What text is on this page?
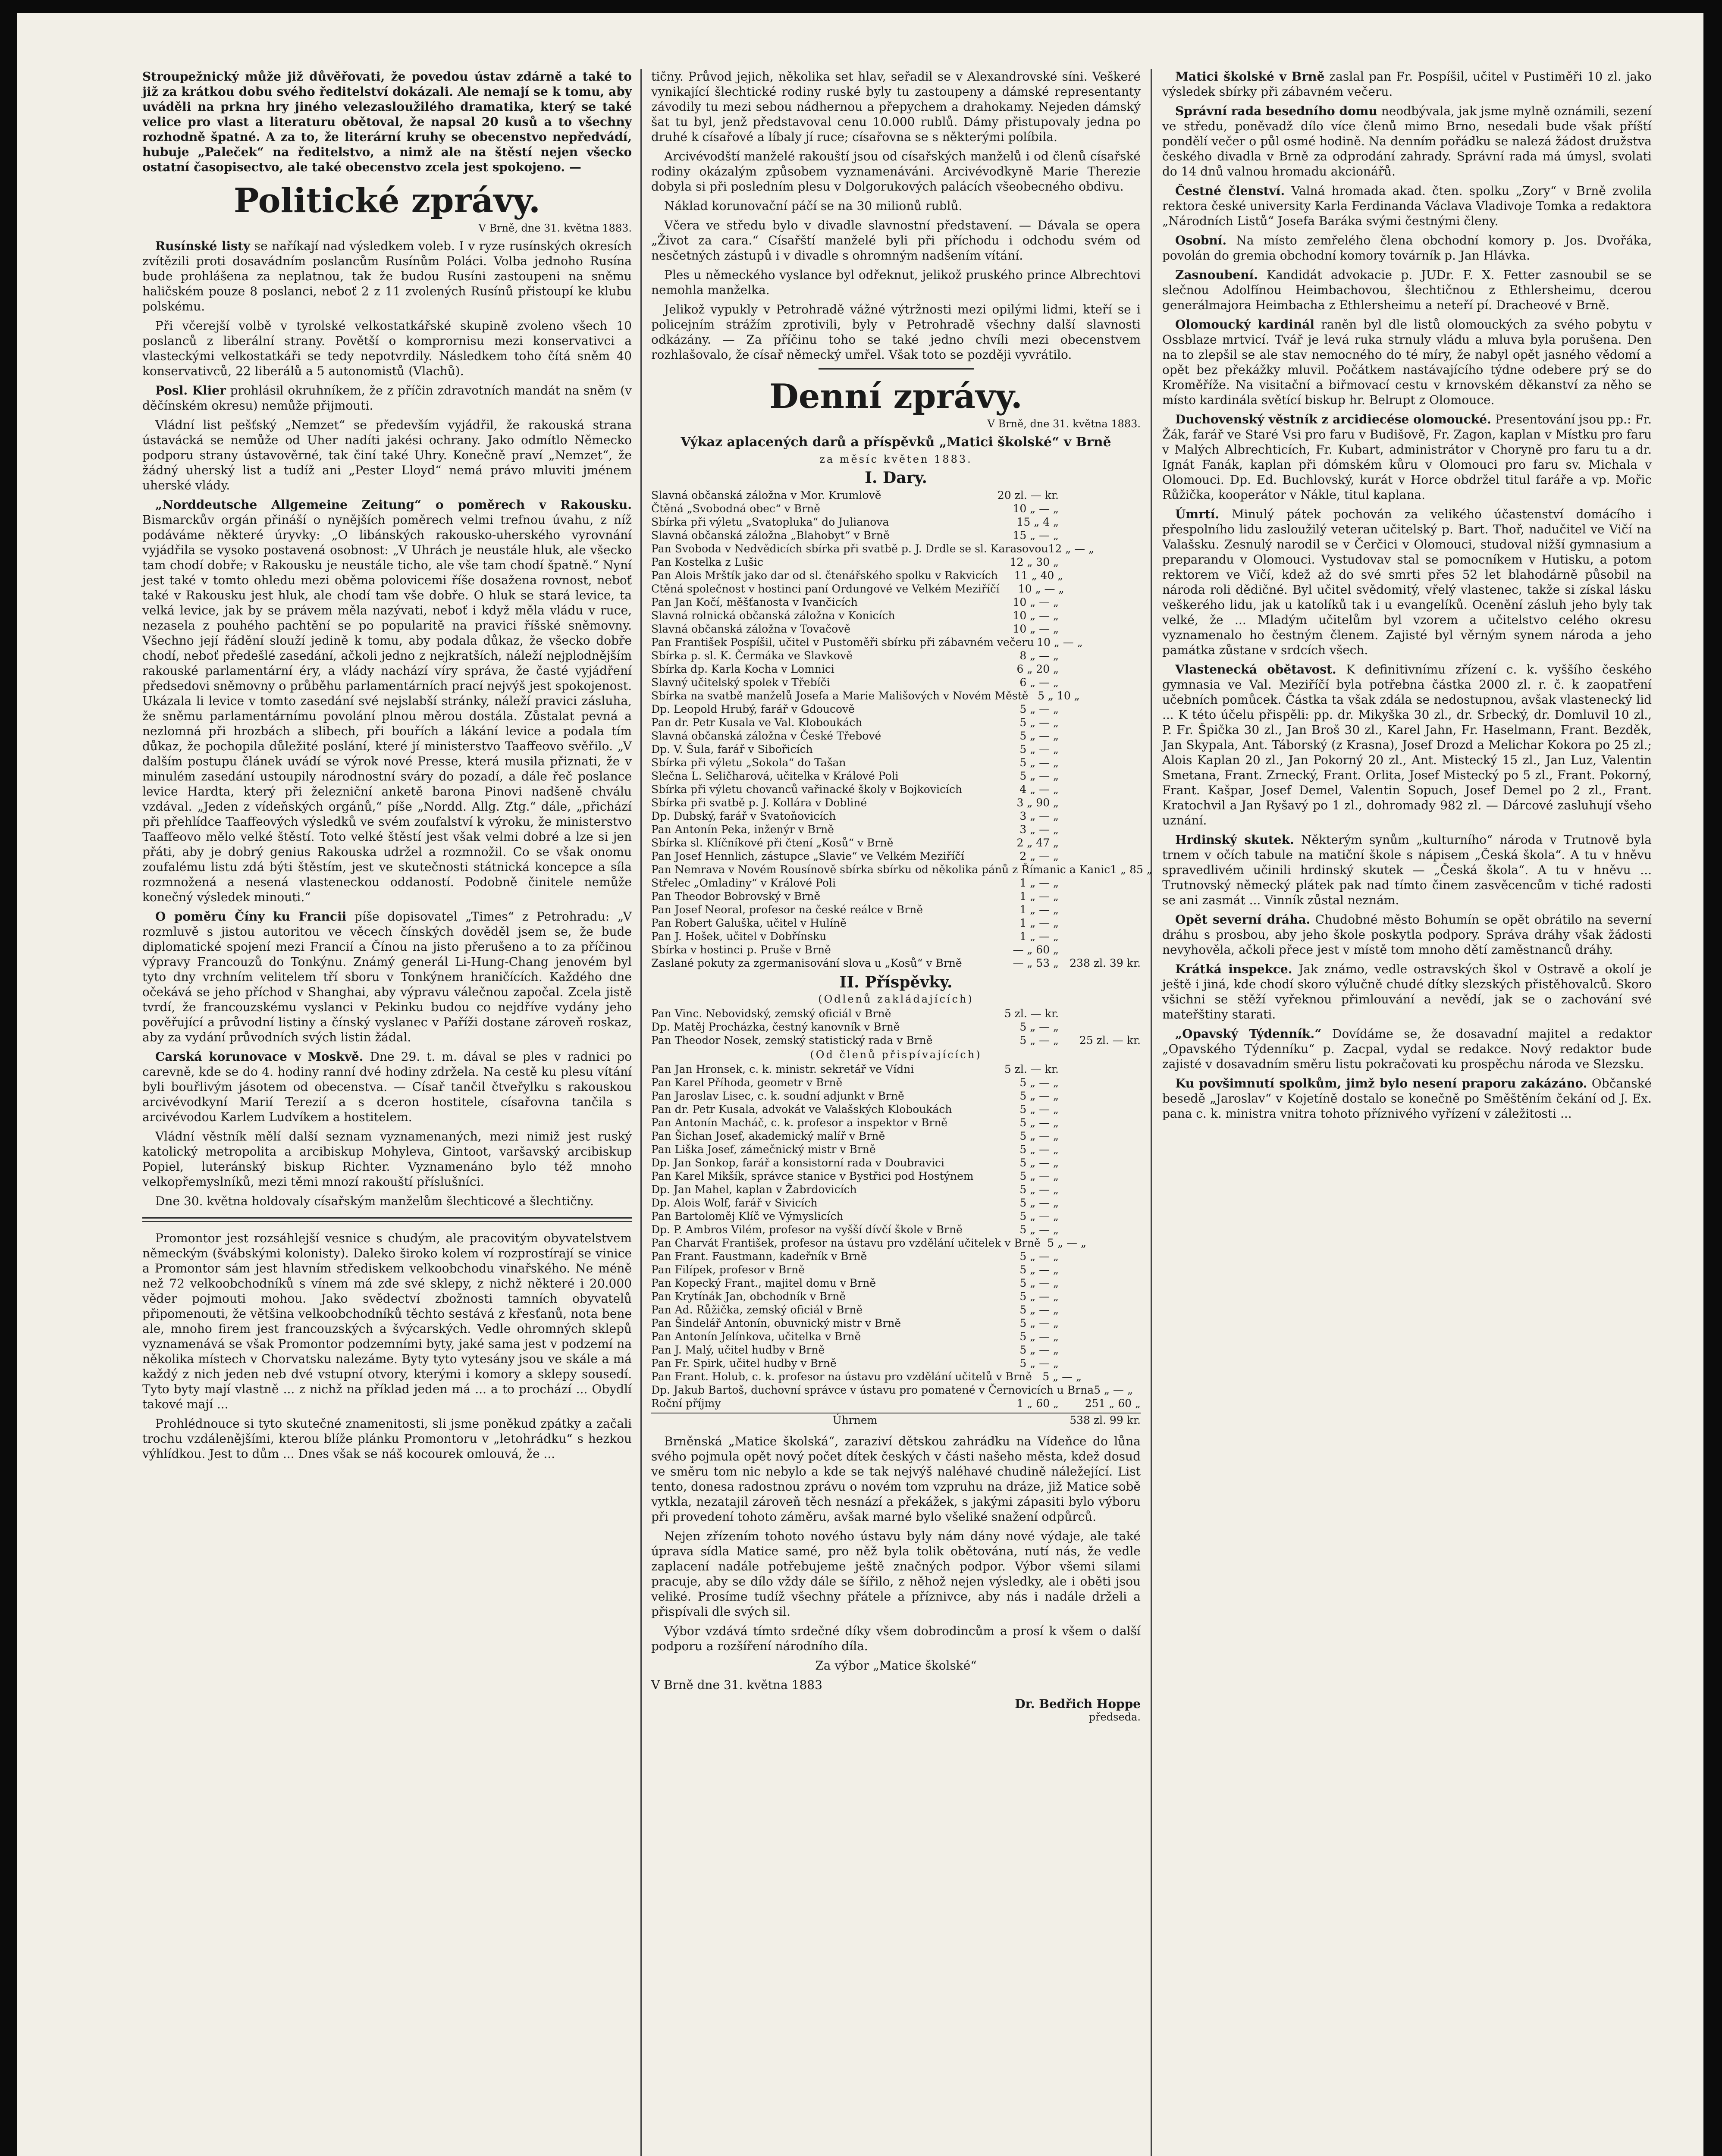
Stroupežnický může již důvěřovati, že povedou ústav zdárně a také to již za krátkou dobu svého ředitelství dokázali. Ale nemají se k tomu, aby uváděli na prkna hry jiného velezasloužilého dramatika, který se také velice pro vlast a literaturu obětoval, že napsal 20 kusů a to všechny rozhodně špatné. A za to, že literární kruhy se obecenstvo nepředvádí, hubuje „Paleček“ na ředitelstvo, a nimž ale na štěstí nejen všecko ostatní časopisectvo, ale také obecenstvo zcela jest spokojeno. —

Politické zprávy.
V Brně, dne 31. května 1883.

Rusínské listy se naříkají nad výsledkem voleb. I v ryze rusínských okresích zvítězili proti dosavádním poslancům Rusínům Poláci. Volba jednoho Rusína bude prohlášena za neplatnou, tak že budou Rusíni zastoupeni na sněmu haličském pouze 8 poslanci, neboť 2 z 11 zvolených Rusínů přistoupí ke klubu polskému.

Při včerejší volbě v tyrolské velkostatkářské skupině zvoleno všech 10 poslanců z liberální strany. Povětší o komprornisu mezi konservativci a vlasteckými velkostatkáři se tedy nepotvrdily. Následkem toho čítá sněm 40 konservativců, 22 liberálů a 5 autonomistů (Vlachů).

Posl. Klier prohlásil okruhníkem, že z příčin zdravotních mandát na sněm (v děčínském okresu) nemůže přijmouti.

Vládní list pešťský „Nemzet“ se především vyjádřil, že rakouská strana ústavácká se nemůže od Uher nadíti jakési ochrany. Jako odmítlo Německo podporu strany ústavověrné, tak činí také Uhry. Konečně praví „Nemzet“, že žádný uherský list a tudíž ani „Pester Lloyd“ nemá právo mluviti jménem uherské vlády.

„Norddeutsche Allgemeine Zeitung“ o poměrech v Rakousku. Bismarckův orgán přináší o nynějších poměrech velmi trefnou úvahu, z níž podáváme některé úryvky: „O libánských rakousko-uherského vyrovnání vyjádřila se vysoko postavená osobnost: „V Uhrách je neustále hluk, ale všecko tam chodí dobře; v Rakousku je neustále ticho, ale vše tam chodí špatně.“ Nyní jest také v tomto ohledu mezi oběma polovicemi říše dosažena rovnost, neboť také v Rakousku jest hluk, ale chodí tam vše dobře. O hluk se stará levice, ta velká levice, jak by se právem měla nazývati, neboť i když měla vládu v ruce, nezasela z pouhého pachtění se po popularitě na pravici říšské sněmovny. Všechno její řádění slouží jedině k tomu, aby podala důkaz, že všecko dobře chodí, neboť předešlé zasedání, ačkoli jedno z nejkratších, náleží nejplodnějším rakouské parlamentární éry, a vlády nachází víry správa, že časté vyjádření předsedovi sněmovny o průběhu parlamentárních prací nejvýš jest spokojenost. Ukázala li levice v tomto zasedání své nejslabší stránky, náleží pravici zásluha, že sněmu parlamentárnímu povolání plnou měrou dostála. Zůstalat pevná a nezlomná při hrozbách a slibech, při bouřích a lákání levice a podala tím důkaz, že pochopila důležité poslání, které jí ministerstvo Taaffeovo svěřilo. „V dalším postupu článek uvádí se výrok nové Presse, která musila přiznati, že v minulém zasedání ustoupily národnostní sváry do pozadí, a dále řeč poslance levice Hardta, který při železniční anketě barona Pinovi nadšeně chválu vzdával. „Jeden z vídeňských orgánů,“ píše „Nordd. Allg. Ztg.“ dále, „přichází při přehlídce Taaffeových výsledků ve svém zoufalství k výroku, že ministerstvo Taaffeovo mělo velké štěstí. Toto velké štěstí jest však velmi dobré a lze si jen přáti, aby je dobrý genius Rakouska udržel a rozmnožil. Co se však onomu zoufalému listu zdá býti štěstím, jest ve skutečnosti státnická koncepce a síla rozmnožená a nesená vlasteneckou oddaností. Podobně činitele nemůže konečný výsledek minouti.“

O poměru Číny ku Francii píše dopisovatel „Times“ z Petrohradu: „V rozmluvě s jistou autoritou ve věcech čínských dověděl jsem se, že bude diplomatické spojení mezi Francií a Čínou na jisto přerušeno a to za příčinou výpravy Francouzů do Tonkýnu. Známý generál Li-Hung-Chang jenovém byl tyto dny vrchním velitelem tří sboru v Tonkýnem hraničících. Každého dne očekává se jeho příchod v Shanghai, aby výpravu válečnou započal. Zcela jistě tvrdí, že francouzskému vyslanci v Pekinku budou co nejdříve vydány jeho pověřující a průvodní listiny a čínský vyslanec v Paříži dostane zároveň roskaz, aby za vydání průvodních svých listin žádal.

Carská korunovace v Moskvě. Dne 29. t. m. dával se ples v radnici po carevně, kde se do 4. hodiny ranní dvé hodiny zdržela. Na cestě ku plesu vítání byli bouřlivým jásotem od obecenstva. — Císař tančil čtveřylku s rakouskou arcivévodkyní Marií Terezií a s dceron hostitele, císařovna tančila s arcivévodou Karlem Ludvíkem a hostitelem.

Vládní věstník mělí další seznam vyznamenaných, mezi nimiž jest ruský katolický metropolita a arcibiskup Mohyleva, Gintoot, varšavský arcibiskup Popiel, luteránský biskup Richter. Vyznamenáno bylo též mnoho velkopřemyslníků, mezi těmi mnozí rakouští příslušníci.

Dne 30. května holdovaly císařským manželům šlechticové a šlechtičny.

Promontor jest rozsáhlejší vesnice s chudým, ale pracovitým obyvatelstvem německým (švábskými kolonisty). Daleko široko kolem ví rozprostírají se vinice a Promontor sám jest hlavním střediskem velkoobchodu vinařského. Ne méně než 72 velkoobchodníků s vínem má zde své sklepy, z nichž některé i 20.000 věder pojmouti mohou. Jako svědectví zbožnosti tamních obyvatelů připomenouti, že většina velkoobchodníků těchto sestává z křesťanů, nota bene ale, mnoho firem jest francouzských a švýcarských. Vedle ohromných sklepů vyznamenává se však Promontor podzemními byty, jaké sama jest v podzemí na několika místech v Chorvatsku nalezáme. Byty tyto vytesány jsou ve skále a má každý z nich jeden neb dvé vstupní otvory, kterými i komory a sklepy sousedí. Tyto byty mají vlastně ... z nichž na příklad jeden má ... a to prochází ... Obydlí takové mají ...

Prohlédnouce si tyto skutečné znamenitosti, sli jsme poněkud zpátky a začali trochu vzdálenějšími, kterou blíže plánku Promontoru v „letohrádku“ s hezkou výhlídkou. Jest to dům ... Dnes však se náš kocourek omlouvá, že ...

tičny. Průvod jejich, několika set hlav, seřadil se v Alexandrovské síni. Veškeré vynikající šlechtické rodiny ruské byly tu zastoupeny a dámské representanty závodily tu mezi sebou nádhernou a přepychem a drahokamy. Nejeden dámský šat tu byl, jenž představoval cenu 10.000 rublů. Dámy přistupovaly jedna po druhé k císařové a líbaly jí ruce; císařovna se s některými políbila.

Arcivévodští manželé rakouští jsou od císařských manželů i od členů císařské rodiny okázalým způsobem vyznamenáváni. Arcivévodkyně Marie Therezie dobyla si při posledním plesu v Dolgorukových palácích všeobecného obdivu.

Náklad korunovační páčí se na 30 milionů rublů.

Včera ve středu bylo v divadle slavnostní představení. — Dávala se opera „Život za cara.“ Císařští manželé byli při příchodu i odchodu svém od nesčetných zástupů i v divadle s ohromným nadšením vítání.

Ples u německého vyslance byl odřeknut, jelikož pruského prince Albrechtovi nemohla manželka.

Jelikož vypukly v Petrohradě vážné výtržnosti mezi opilými lidmi, kteří se i policejním strážím zprotivili, byly v Petrohradě všechny další slavnosti odkázány. — Za příčinu toho se také jedno chvíli mezi obecenstvem rozhlašovalo, že císař německý umřel. Však toto se později vyvrátilo.

Denní zprávy.
V Brně, dne 31. května 1883.
Výkaz aplacených darů a příspěvků „Matici školské“ v Brně
za měsíc květen 1883.
I. Dary.
Slavná občanská záložna v Mor. Krumlově	20 zl. — kr.
Čtěná „Svobodná obec“ v Brně	10 „ — „
Sbírka při výletu „Svatopluka“ do Julianova	15 „ 4 „
Slavná občanská záložna „Blahobyt“ v Brně	15 „ — „
Pan Svoboda v Nedvědicích sbírka při svatbě p. J. Drdle se sl. Karasovou 12 „ — „
Pan Kostelka z Lušic	12 „ 30 „
Pan Alois Mrštík jako dar od sl. čtenářského spolku v Rakvicích	11 „ 40 „
Ctěná společnost v hostinci paní Ordungové ve Velkém Meziříčí	10 „ — „
Pan Jan Kočí, měšťanosta v Ivančicích	10 „ — „
Slavná rolnická občanská záložna v Konicích	10 „ — „
Slavná občanská záložna v Tovačově	10 „ — „
Pan František Pospíšil, učitel v Pustoměři sbírku při zábavném večeru 10 „ — „
Sbírka p. sl. K. Čermáka ve Slavkově	8 „ — „
Sbírka dp. Karla Kocha v Lomnici	6 „ 20 „
Slavný učitelský spolek v Třebíči	6 „ — „
Sbírka na svatbě manželů Josefa a Marie Mališových v Novém Městě 5 „ 10 „
Dp. Leopold Hrubý, farář v Gdoucově	5 „ — „
Pan dr. Petr Kusala ve Val. Kloboukách	5 „ — „
Slavná občanská záložna v České Třebové	5 „ — „
Dp. V. Šula, farář v Sibořicích	5 „ — „
Sbírka při výletu „Sokola“ do Tašan	5 „ — „
Slečna L. Seličharová, učitelka v Králové Poli	5 „ — „
Sbírka při výletu chovanců vařinacké školy v Bojkovicích	4 „ — „
Sbírka při svatbě p. J. Kollára v Dobliné	3 „ 90 „
Dp. Dubský, farář v Svatoňovicích	3 „ — „
Pan Antonín Peka, inženýr v Brně	3 „ — „
Sbírka sl. Klíčníkové při čtení „Kosů“ v Brně	2 „ 47 „
Pan Josef Hennlich, zástupce „Slavie“ ve Velkém Meziříčí	2 „ — „
Pan Nemrava v Novém Rousínově sbírka sbírku od několika pánů z Římanic a Kanic 1 „ 85 „
Střelec „Omladiny“ v Králové Poli	1 „ — „
Pan Theodor Bobrovský v Brně	1 „ — „
Pan Josef Neoral, profesor na české reálce v Brně	1 „ — „
Pan Robert Galuška, učitel v Hulíně	1 „ — „
Pan J. Hošek, učitel v Dobřínsku	1 „ — „
Sbírka v hostinci p. Pruše v Brně	— „ 60 „
Zaslané pokuty za zgermanisování slova u „Kosů“ v Brně	— „ 53 „	238 zl. 39 kr.
II. Příspěvky.
(Odlenů zakládajících)
Pan Vinc. Nebovidský, zemský oficiál v Brně	5 zl. — kr.
Dp. Matěj Procházka, čestný kanovník v Brně	5 „ — „
Pan Theodor Nosek, zemský statistický rada v Brně	5 „ — „	25 zl. — kr.
(Od členů přispívajících)
Pan Jan Hronsek, c. k. ministr. sekretář ve Vídni	5 zl. — kr.
Pan Karel Příhoda, geometr v Brně	5 „ — „
Pan Jaroslav Lisec, c. k. soudní adjunkt v Brně	5 „ — „
Pan dr. Petr Kusala, advokát ve Valašských Kloboukách	5 „ — „
Pan Antonín Macháč, c. k. profesor a inspektor v Brně	5 „ — „
Pan Šichan Josef, akademický malíř v Brně	5 „ — „
Pan Liška Josef, zámečnický mistr v Brně	5 „ — „
Dp. Jan Sonkop, farář a konsistorní rada v Doubravici	5 „ — „
Pan Karel Mikšík, správce stanice v Bystřici pod Hostýnem	5 „ — „
Dp. Jan Mahel, kaplan v Žabrdovicích	5 „ — „
Dp. Alois Wolf, farář v Sivicích	5 „ — „
Pan Bartoloměj Klíč ve Výmyslicích	5 „ — „
Dp. P. Ambros Vilém, profesor na vyšší dívčí škole v Brně	5 „ — „
Pan Charvát František, profesor na ústavu pro vzdělání učitelek v Brně 5 „ — „
Pan Frant. Faustmann, kadeřník v Brně	5 „ — „
Pan Filípek, profesor v Brně	5 „ — „
Pan Kopecký Frant., majitel domu v Brně	5 „ — „
Pan Krytínák Jan, obchodník v Brně	5 „ — „
Pan Ad. Růžička, zemský oficiál v Brně	5 „ — „
Pan Šindelář Antonín, obuvnický mistr v Brně	5 „ — „
Pan Antonín Jelínkova, učitelka v Brně	5 „ — „
Pan J. Malý, učitel hudby v Brně	5 „ — „
Pan Fr. Spirk, učitel hudby v Brně	5 „ — „
Pan Frant. Holub, c. k. profesor na ústavu pro vzdělání učitelů v Brně 5 „ — „
Dp. Jakub Bartoš, duchovní správce v ústavu pro pomatené v Černovicích u Brna 5 „ — „
Roční příjmy	1 „ 60 „	251 „ 60 „
Úhrnem	538 zl. 99 kr.

Brněnská „Matice školská“, zaraziví dětskou zahrádku na Vídeňce do lůna svého pojmula opět nový počet dítek českých v části našeho města, kdež dosud ve směru tom nic nebylo a kde se tak nejvýš naléhavé chudině náležející. List tento, donesa radostnou zprávu o novém tom vzpruhu na dráze, již Matice sobě vytkla, nezatajil zároveň těch nesnází a překážek, s jakými zápasiti bylo výboru při provedení tohoto záměru, avšak marné bylo všeliké snažení odpůrců.

Nejen zřízením tohoto nového ústavu byly nám dány nové výdaje, ale také úprava sídla Matice samé, pro něž byla tolik obětována, nutí nás, že vedle zaplacení nadále potřebujeme ještě značných podpor. Výbor všemi silami pracuje, aby se dílo vždy dále se šířilo, z něhož nejen výsledky, ale i oběti jsou veliké. Prosíme tudíž všechny přátele a příznivce, aby nás i nadále drželi a přispívali dle svých sil.

Výbor vzdává tímto srdečné díky všem dobrodincům a prosí k všem o další podporu a rozšíření národního díla.

Za výbor „Matice školské“

V Brně dne 31. května 1883

Dr. Bedřich Hoppe
předseda.

Matici školské v Brně zaslal pan Fr. Pospíšil, učitel v Pustiměři 10 zl. jako výsledek sbírky při zábavném večeru.

Správní rada besedního domu neodbývala, jak jsme mylně oznámili, sezení ve středu, poněvadž dílo více členů mimo Brno, nesedali bude však příští pondělí večer o půl osmé hodině. Na denním pořádku se nalezá žádost družstva českého divadla v Brně za odprodání zahrady. Správní rada má úmysl, svolati do 14 dnů valnou hromadu akcionářů.

Čestné členství. Valná hromada akad. čten. spolku „Zory“ v Brně zvolila rektora české university Karla Ferdinanda Václava Vladivoje Tomka a redaktora „Národních Listů“ Josefa Baráka svými čestnými členy.

Osobní. Na místo zemřelého člena obchodní komory p. Jos. Dvořáka, povolán do gremia obchodní komory továrník p. Jan Hlávka.

Zasnoubení. Kandidát advokacie p. JUDr. F. X. Fetter zasnoubil se se slečnou Adolfínou Heimbachovou, šlechtičnou z Ethlersheimu, dcerou generálmajora Heimbacha z Ethlersheimu a neteří pí. Dracheové v Brně.

Olomoucký kardinál raněn byl dle listů olomouckých za svého pobytu v Ossblaze mrtvicí. Tvář je levá ruka strnuly vládu a mluva byla porušena. Den na to zlepšil se ale stav nemocného do té míry, že nabyl opět jasného vědomí a opět bez překážky mluvil. Počátkem nastávajícího týdne odebere prý se do Kroměříže. Na visitační a biřmovací cestu v krnovském děkanství za něho se místo kardinála světící biskup hr. Belrupt z Olomouce.

Duchovenský věstník z arcidiecése olomoucké. Presentování jsou pp.: Fr. Žák, farář ve Staré Vsi pro faru v Budišově, Fr. Zagon, kaplan v Místku pro faru v Malých Albrechticích, Fr. Kubart, administrátor v Choryně pro faru tu a dr. Ignát Fanák, kaplan při dómském kůru v Olomouci pro faru sv. Michala v Olomouci. Dp. Ed. Buchlovský, kurát v Horce obdržel titul faráře a vp. Mořic Růžička, kooperátor v Nákle, titul kaplana.

Úmrtí. Minulý pátek pochován za velikého účastenství domácího i přespolního lidu zasloužilý veteran učitelský p. Bart. Thoř, nadučitel ve Vičí na Valašsku. Zesnulý narodil se v Čerčici v Olomouci, studoval nižší gymnasium a preparandu v Olomouci. Vystudovav stal se pomocníkem v Hutisku, a potom rektorem ve Vičí, kdež až do své smrti přes 52 let blahodárně působil na národa roli dědičné. Byl učitel svědomitý, vřelý vlastenec, takže si získal lásku veškerého lidu, jak u katolíků tak i u evangelíků. Ocenění zásluh jeho byly tak velké, že ... Mladým učitelům byl vzorem a učitelstvo celého okresu vyznamenalo ho čestným členem. Zajisté byl věrným synem národa a jeho památka zůstane v srdcích všech.

Vlastenecká obětavost. K definitivnímu zřízení c. k. vyššího českého gymnasia ve Val. Meziříčí byla potřebna částka 2000 zl. r. č. k zaopatření učebních pomůcek. Částka ta však zdála se nedostupnou, avšak vlastenecký lid ... K této účelu přispěli: pp. dr. Mikyška 30 zl., dr. Srbecký, dr. Domluvil 10 zl., P. Fr. Špička 30 zl., Jan Broš 30 zl., Karel Jahn, Fr. Haselmann, Frant. Bezděk, Jan Skypala, Ant. Táborský (z Krasna), Josef Drozd a Melichar Kokora po 25 zl.; Alois Kaplan 20 zl., Jan Pokorný 20 zl., Ant. Mistecký 15 zl., Jan Luz, Valentin Smetana, Frant. Zrnecký, Frant. Orlita, Josef Mistecký po 5 zl., Frant. Pokorný, Frant. Kašpar, Josef Demel, Valentin Sopuch, Josef Demel po 2 zl., Frant. Kratochvil a Jan Ryšavý po 1 zl., dohromady 982 zl. — Dárcové zasluhují všeho uznání.

Hrdinský skutek. Některým synům „kulturního“ národa v Trutnově byla trnem v očích tabule na matiční škole s nápisem „Česká škola“. A tu v hněvu spravedlivém učinili hrdinský skutek — „Česká škola“. A tu v hněvu ... Trutnovský německý plátek pak nad tímto činem zasvěcencům v tiché radosti se ani zasmát ... Vinník zůstal neznám.

Opět severní dráha. Chudobné město Bohumín se opět obrátilo na severní dráhu s prosbou, aby jeho škole poskytla podpory. Správa dráhy však žádosti nevyhověla, ačkoli přece jest v místě tom mnoho dětí zaměstnanců dráhy.

Krátká inspekce. Jak známo, vedle ostravských škol v Ostravě a okolí je ještě i jiná, kde chodí skoro výlučně chudé dítky slezských přistěhovalců. Skoro všichni se stěží vyřeknou přimlouvání a nevědí, jak se o zachování své mateřštiny starati.

„Opavský Týdenník.“ Dovídáme se, že dosavadní majitel a redaktor „Opavského Týdenníku“ p. Zacpal, vydal se redakce. Nový redaktor bude zajisté v dosavadním směru listu pokračovati ku prospěchu národa ve Slezsku.

Ku povšimnutí spolkům, jimž bylo nesení praporu zakázáno. Občanské besedě „Jaroslav“ v Kojetíně dostalo se konečně po Směštěním čekání od J. Ex. pana c. k. ministra vnitra tohoto příznivého vyřízení v záležitosti ...
